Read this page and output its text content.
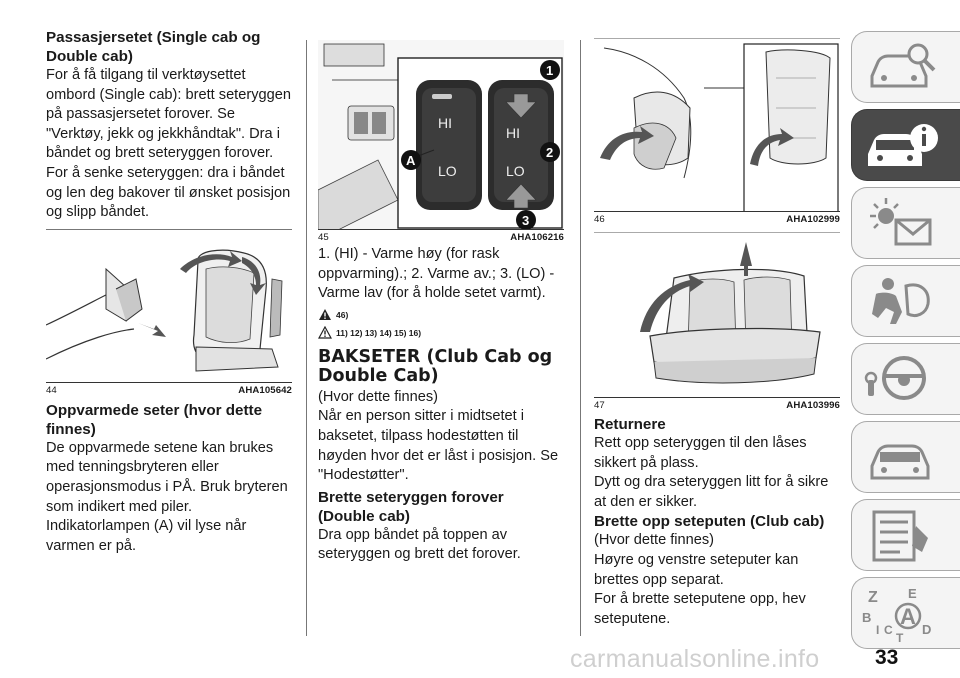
Passasjersetet (Single cab og Double cab)

For å få tilgang til verktøysettet ombord (Single cab): brett seteryggen på passasjersetet forover. Se "Verktøy, jekk og jekkhåndtak". Dra i båndet og brett seteryggen forover.

For å senke seteryggen: dra i båndet og len deg bakover til ønsket posisjon og slipp båndet.

44	AHA105642
Oppvarmede seter (hvor dette finnes)

De oppvarmede setene kan brukes med tenningsbryteren eller operasjonsmodus i PÅ. Bruk bryteren som indikert med piler. Indikatorlampen (A) vil lyse når varmen er på.

HI
LO
HI
LO
A
1
2
3
45	AHA106216

1. (HI) - Varme høy (for rask oppvarming).; 2. Varme av.; 3. (LO) - Varme lav (for å holde setet varmt).

46)
11) 12) 13) 14) 15) 16)
BAKSETER (Club Cab og Double Cab)

(Hvor dette finnes)

Når en person sitter i midtsetet i baksetet, tilpass hodestøtten til høyden hvor det er låst i posisjon. Se "Hodestøtter".

Brette seteryggen forover (Double cab)

Dra opp båndet på toppen av seteryggen og brett det forover.

46	AHA102999
47	AHA103996
Returnere

Rett opp seteryggen til den låses sikkert på plass.

Dytt og dra seteryggen litt for å sikre at den er sikker.

Brette opp seteputen (Club cab)

(Hvor dette finnes)

Høyre og venstre seteputer kan brettes opp separat.

For å brette seteputene opp, hev seteputene.

Z E
B
C
A
D
T
I
carmanualsonline.info	33
